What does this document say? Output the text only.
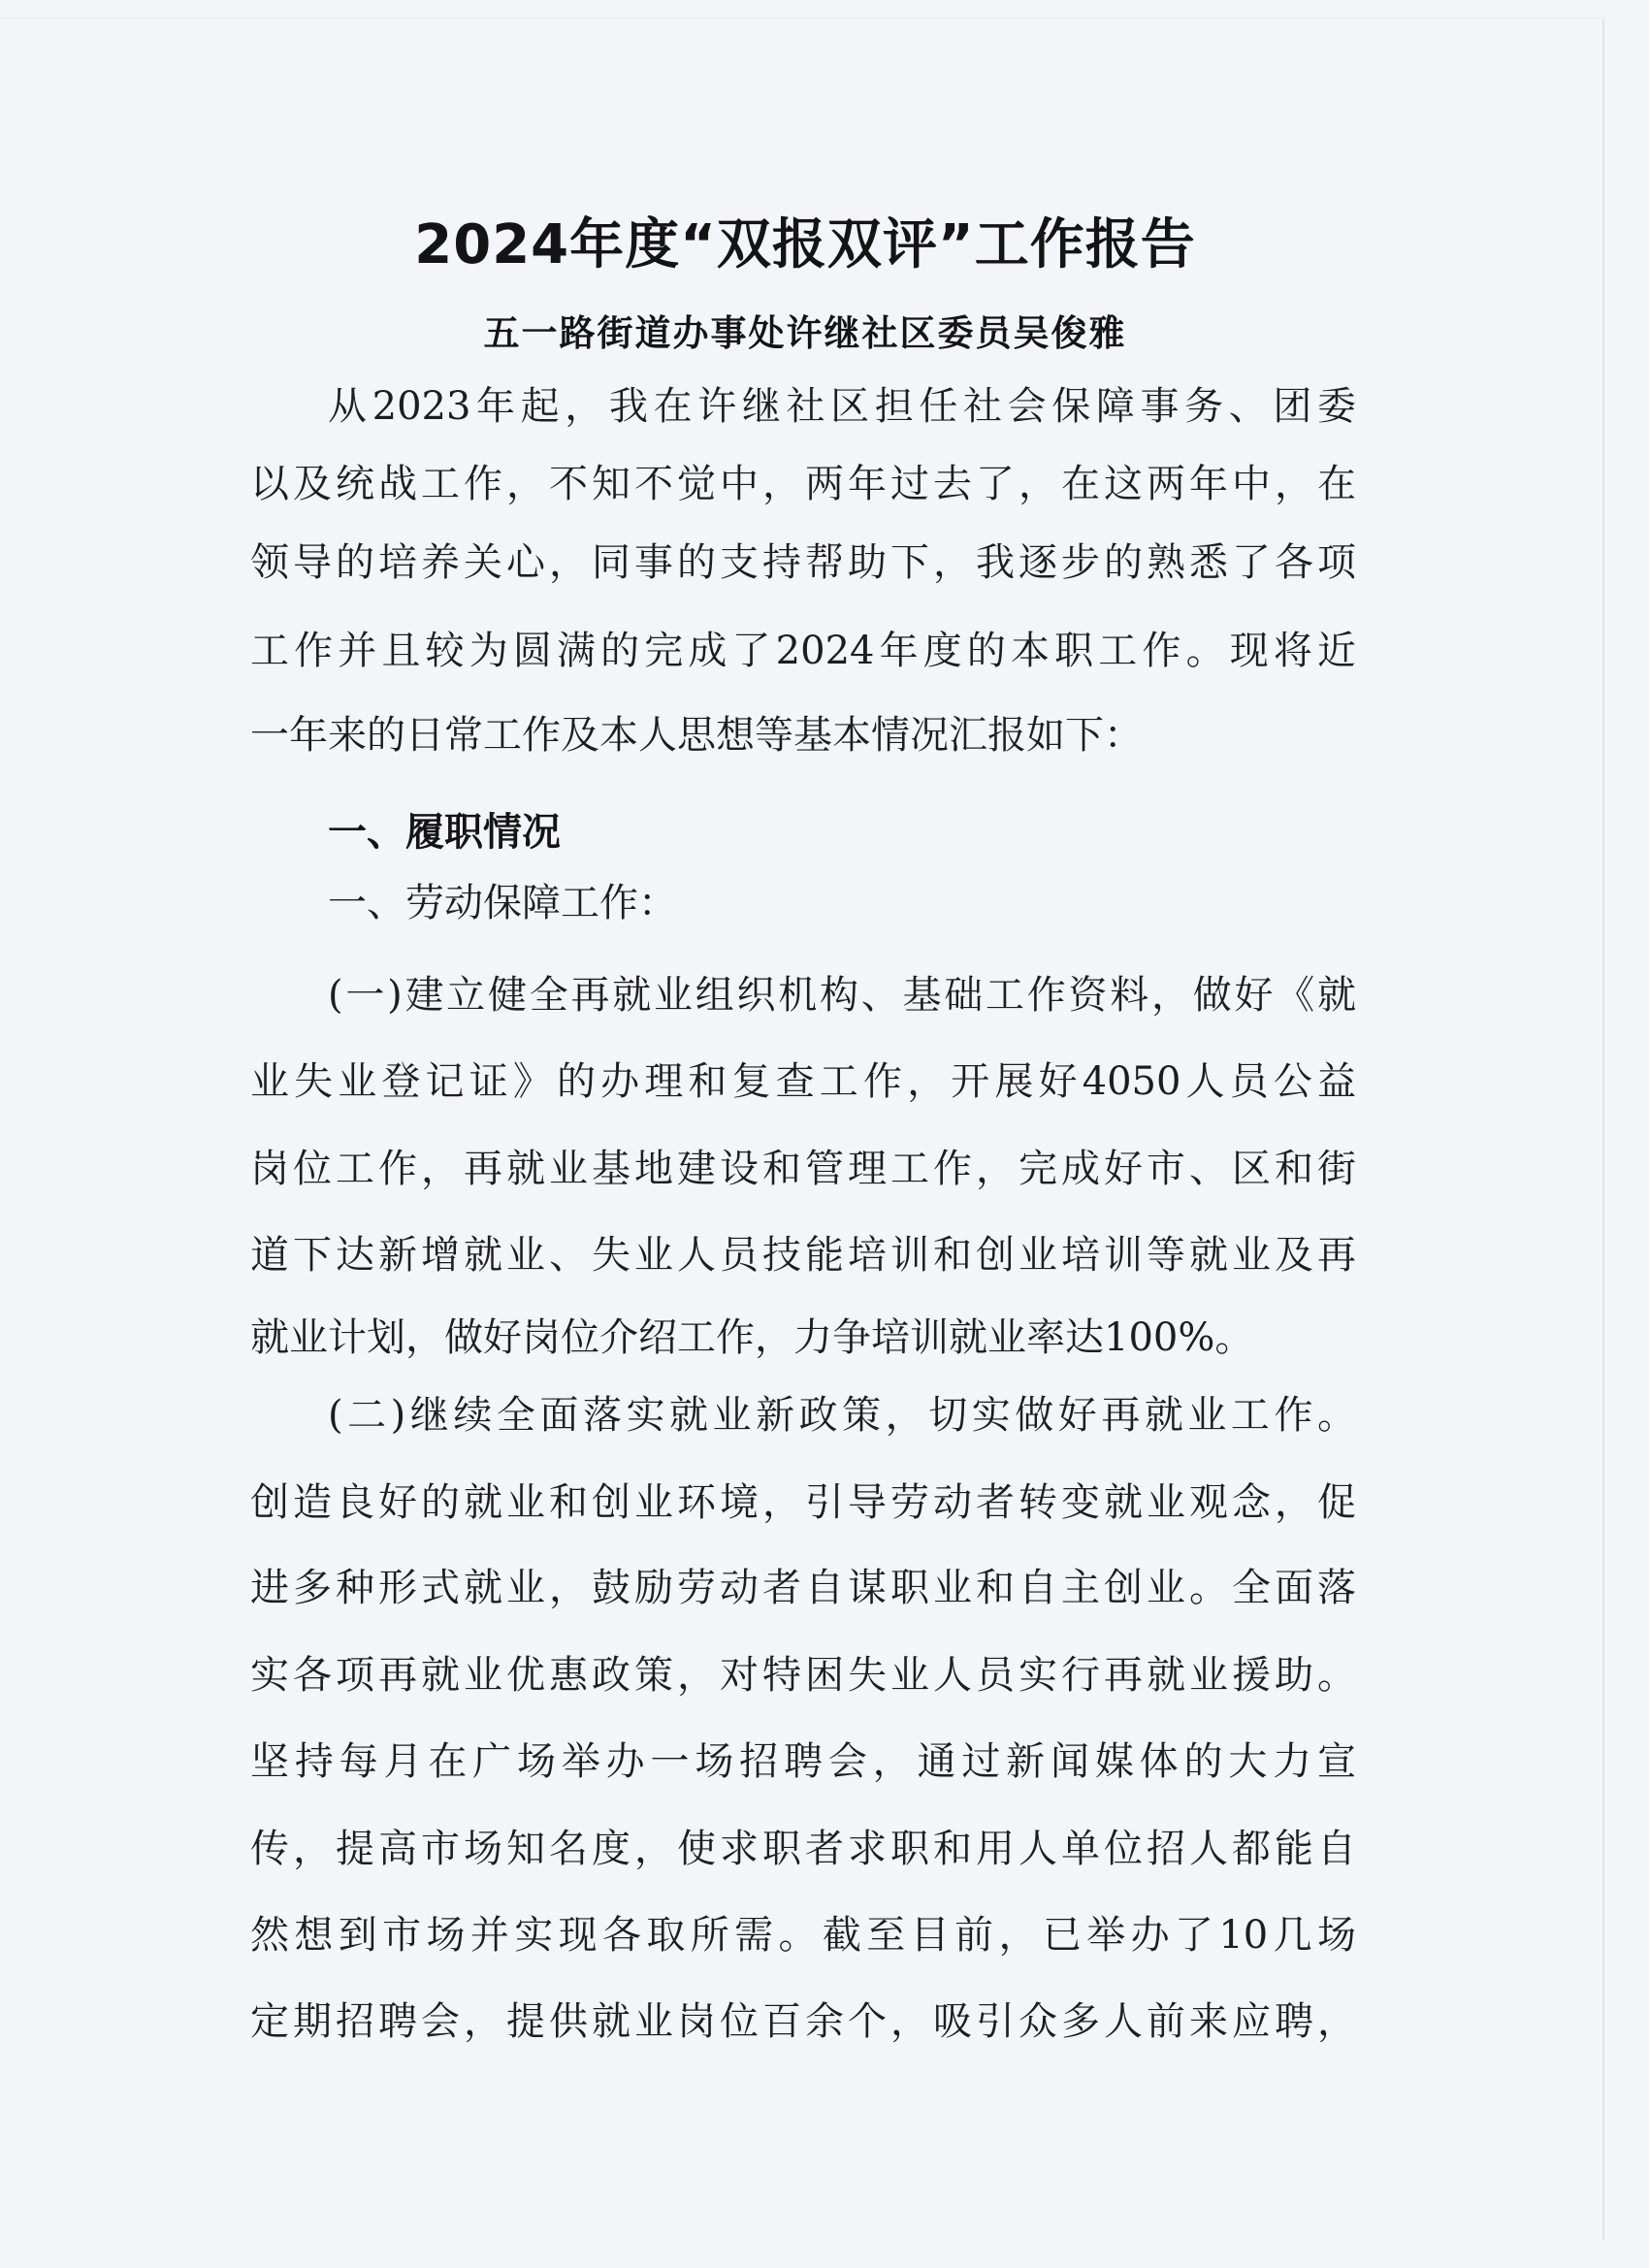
2024年度“双报双评”工作报告
五一路街道办事处许继社区委员吴俊雅
从2023年起，我在许继社区担任社会保障事务、团委
以及统战工作，不知不觉中，两年过去了，在这两年中，在
领导的培养关心，同事的支持帮助下，我逐步的熟悉了各项
工作并且较为圆满的完成了2024年度的本职工作。现将近
一年来的日常工作及本人思想等基本情况汇报如下：
一、履职情况
一、劳动保障工作：
(一)建立健全再就业组织机构、基础工作资料，做好《就
业失业登记证》的办理和复查工作，开展好4050人员公益
岗位工作，再就业基地建设和管理工作，完成好市、区和街
道下达新增就业、失业人员技能培训和创业培训等就业及再
就业计划，做好岗位介绍工作，力争培训就业率达100%。
(二)继续全面落实就业新政策，切实做好再就业工作。
创造良好的就业和创业环境，引导劳动者转变就业观念，促
进多种形式就业，鼓励劳动者自谋职业和自主创业。全面落
实各项再就业优惠政策，对特困失业人员实行再就业援助。
坚持每月在广场举办一场招聘会，通过新闻媒体的大力宣
传，提高市场知名度，使求职者求职和用人单位招人都能自
然想到市场并实现各取所需。截至目前，已举办了10几场
定期招聘会，提供就业岗位百余个，吸引众多人前来应聘，
